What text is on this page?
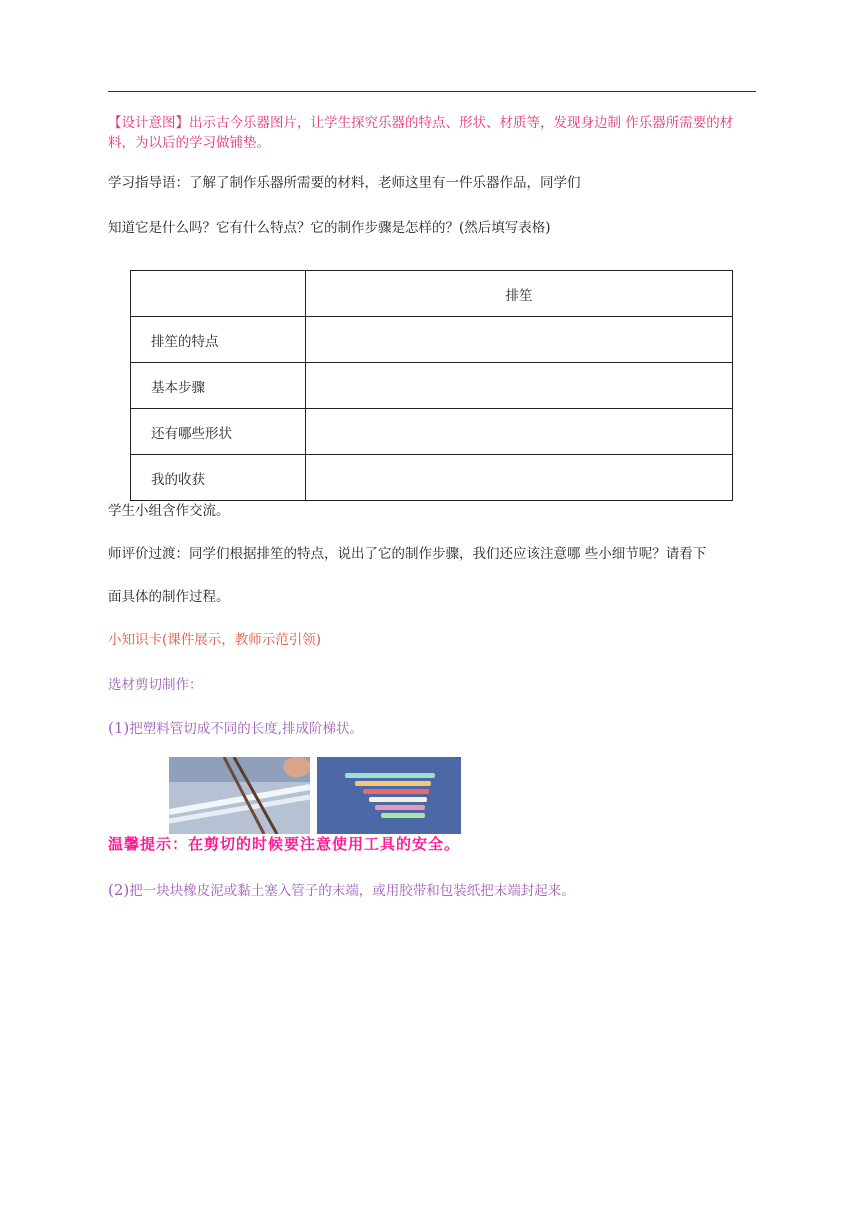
【设计意图】出示古今乐器图片，让学生探究乐器的特点、形状、材质等，发现身边制 作乐器所需要的材料，为以后的学习做铺垫。
学习指导语：了解了制作乐器所需要的材料，老师这里有一件乐器作品，同学们
知道它是什么吗？它有什么特点？它的制作步骤是怎样的？(然后填写表格)
	排笙
排笙的特点	
基本步骤	
还有哪些形状	
我的收获	
学生小组含作交流。
师评价过渡：同学们根据排笙的特点，说出了它的制作步骤，我们还应该注意哪 些小细节呢？请看下
面具体的制作过程。
小知识卡(课件展示，教师示范引领)
选材剪切制作：
(1)把塑料管切成不同的长度,排成阶梯状。
温馨提示：在剪切的时候要注意使用工具的安全。
(2)把一块块橡皮泥或黏土塞入管子的末端，或用胶带和包装纸把末端封起来。
